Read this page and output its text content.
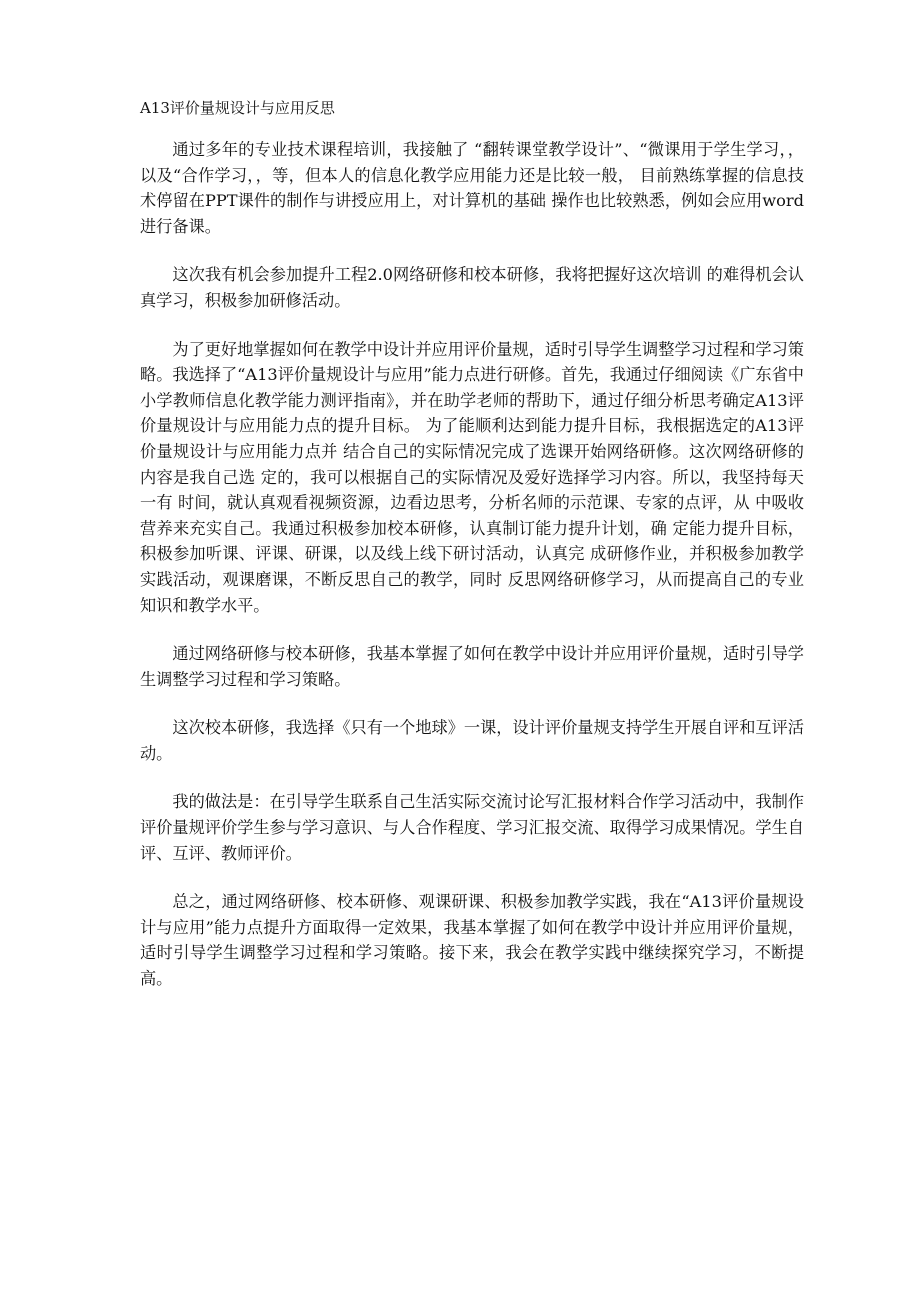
A13评价量规设计与应用反思

通过多年的专业技术课程培训，我接触了 “翻转课堂教学设计”、“微课用于学生学习，，以及“合作学习，，等，但本人的信息化教学应用能力还是比较一般， 目前熟练掌握的信息技术停留在PPT课件的制作与讲授应用上，对计算机的基础 操作也比较熟悉，例如会应用word进行备课。

这次我有机会参加提升工程2.0网络研修和校本研修，我将把握好这次培训 的难得机会认真学习，积极参加研修活动。

为了更好地掌握如何在教学中设计并应用评价量规，适时引导学生调整学习过程和学习策略。我选择了“A13评价量规设计与应用”能力点进行研修。首先，我通过仔细阅读《广东省中小学教师信息化教学能力测评指南》，并在助学老师的帮助下，通过仔细分析思考确定A13评价量规设计与应用能力点的提升目标。 为了能顺利达到能力提升目标，我根据选定的A13评价量规设计与应用能力点并 结合自己的实际情况完成了选课开始网络研修。这次网络研修的内容是我自己选 定的，我可以根据自己的实际情况及爱好选择学习内容。所以，我坚持每天一有 时间，就认真观看视频资源，边看边思考，分析名师的示范课、专家的点评，从 中吸收营养来充实自己。我通过积极参加校本研修，认真制订能力提升计划，确 定能力提升目标，积极参加听课、评课、研课，以及线上线下研讨活动，认真完 成研修作业，并积极参加教学实践活动，观课磨课，不断反思自己的教学，同时 反思网络研修学习，从而提高自己的专业知识和教学水平。

通过网络研修与校本研修，我基本掌握了如何在教学中设计并应用评价量规，适时引导学生调整学习过程和学习策略。

这次校本研修，我选择《只有一个地球》一课，设计评价量规支持学生开展自评和互评活动。

我的做法是：在引导学生联系自己生活实际交流讨论写汇报材料合作学习活动中，我制作评价量规评价学生参与学习意识、与人合作程度、学习汇报交流、取得学习成果情况。学生自评、互评、教师评价。

总之，通过网络研修、校本研修、观课研课、积极参加教学实践，我在“A13评价量规设计与应用”能力点提升方面取得一定效果，我基本掌握了如何在教学中设计并应用评价量规，适时引导学生调整学习过程和学习策略。接下来，我会在教学实践中继续探究学习，不断提高。
